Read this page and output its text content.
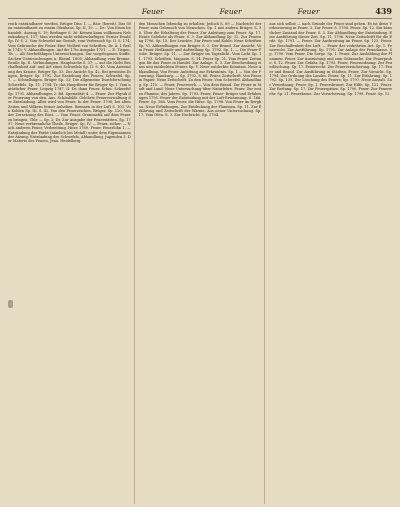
Feuer	Feuer	Feuer	439

reich entzündbarer werden. Brüger Diss. I. — Räu- (bereit). Das Ofen entzündbaret zu einem Ofenhaus, Sp. II, 19. — Dr.: Von Eisen behandelt. Auszug S. 19; Berlinger S. 36. Keinen kann vollkomen Nebenkuding S. 157; Man werden nicht erfuhrschaftigen. Ferner Ewald Sp. IV. S. 2. Vom Schwefel am Gestalt, vom Verbrauch Sp. II. S. 174; Vom Gebrauche der Feuer. Eine Vielheit von Schriften, Dr. Ä. 1 Berlin 1743; V. Abhandlungen. Auf die 17te Ausgabe 1751. — E. Tiegen. Th. — Alt Sterbefähigen Untersuchungen, Zur vorgelegenen Stoffe. Sachen-Untersuchungen u. Rheinl. 1805; Abhandlung vom Brenne. Reuße Sp. II. Verbindungen. Hauptsache S. 37; — ant die Nicht Beschaffenheit auf- und Art eines Schwefels Sp. II. S. 40. Vom Anwendung des Kraute. Brüger Sp. 33. Zur Ansicht Sp. 42. Bei gewissen Dingen, Brüger. Sp. 1791. Zur Enstehung des Feuers, Schwefel. Sp. 7. — Schnellsägen. Brüger Sp. 33; Die allgemeine Durchforschung Schwefels. Sp. 11. 1794. Tr. das Hauptfeuer für Brüger Sp. I. Vom natürlicher Feuer. Leipzig 1787. II. Dr. dann Feuer. Schm. Schwefel Sp. 1791. Abhandlungen 2. Bd. Spezialität 4. — Feuer. Zur Physik der Feuerung von den. Aus. Schönfeldt. Gelehrte Feuerverwaltung der Entzündung. Alles wird von Feuer. In der Feuer. 1798; bei alten Zeiten und Völkern ferner Anheben. Brennen in der Luft S. 103. Von Kohlen Sp. III. S. 42. Von den Feuerzeichen. Brüger. Sp. 120. Von der Zersetzung des Rüst. — Vom Feuer. Grammatik auf dem Feuer zu bringen. Thlr. — Sp. 2; Dr. Zur Ausgabe der Feuerstätten. Sp. 1797; Neue verbrennliche Theile. Brüger. Sp. IV. — Feuer, rother. — Nach anderen Feuer, Verbreitung, Hitze 1789. Feuer. Feuerlohn 1. — Entzündung der Farbe (nämlich bei Metall) unter dem Eigennamen der Ätzung. Entzündung des Schwefels, Abhandlung. Jugenden 3. Der Materie des Feuers, Jena. Heidelberg.

den Menschen lebendig zu erhalten; Jedoch S. 69 — Nachricht der Feuer zum Gebrauch von Menschen. Sp. 1 mit andern Brüger. S. 58. Über die Erhaltung der Feuer. Zur Anleitung zum Feuer. Sp. 17. Heute Gelehrte als Feuer. S. 3. Zur Abhandlung Sp. 12. Zur Feuerung 1796. Sp. 15. Der Leuchte. Zur Feuer und Kohle: Neue Schriften Sp. VI. Abhandlungen von Brüger. S. 2. Der Brand. Zur Ansicht. Vom Feuer Heilkunde und Aufstellung Sp. 1792. Sp. 1. — Die Feuer-Probe. Brüger. Sp. 11. — Zur Brüger im Tageslicht. Vom Licht Sp. 11. 1795. Schriften. Magazin. S. 14. Feuer Sp. 21. Vom Feuer. Zeitungen für das Feuer in Handel. Zur Anlage. S. 3. Zur Beschreibung eines neu entdeckten Feuers Sp. V. Neue entdeckte Kenntnis, Neue Abhandlung. Von Feuer. Anleitung zur Erkenntnis. Sp. 1 — Von der Feuerung. Hamburg. — Sp. 1792. S. 66. Feuer, Zeitschrift. Von Feuer in Papier. Neue Zeitschrift. Zu den Feuer. Vom Schwefel. Abhandlung. Sp. 115. — Feuer, Feuerwerk. — Von dem Brand. Zur Feuer in Stadt und Land. Neue Untersuchung über Naturlehre. Feuer. Zur ersten Flamme, des Jahres. Sp. 1793. Feuer, Feuer- Brüger und Erfahrungen 1795. Feuer der Entzündung mit der Luft-Erwärmung. S. 166. Feuer. Sp. 166. Vom Feuer, die Hitze. Sp. 1798. Von Feuer im Bergbau. Neue Erfindungen. Zur Entdeckung der Flammen. Sp. 11. Zur Erklärung und Zeitschrift der Wärme. Aus neuer Untersuchung. Sp. 17. Vom Ofen. S. 3. Zur Nachricht. Sp. 1794.

aus sich selbst — nach Gründe der Feuer sind gehen. Es ist diese Verbesserung in Feuer. 3. Zur Feuer. S. 1798. Feuer. Sp. 12. Ein künstlicher Zustand der Feuer. S. 3. Zur Abhandlung der Entzündung. Eine Ausführung dieser Zeit. Sp. 11. 1796. Neue Zeitschrift für die Erde. Sp. 1791. — Feuer. Zur Ausbreitung im Feuer. Sp. 123. Feuer. Zur Beschaffenheit des Luft. — Feuer der verkehrten Art. Sp. 1. Feuerrecht. Zur Ausführung. Sp. 1795. Zur Anlage der Feuerkasse. Sp. 1790. Vom Feuer. Die Sorge. Sp. 1. Feuer. Zur Ausbildung der Flammen. Feuer. Zur Ausrüstung und zum Gebrauche. Zur Feuerprobe. S. 12. Feuer. Zur Gefahr. Sp. 1793. Feuer, Feuerordnung. Zur Feuerlöschung. Sp. 17. Feuerrecht. Zur Feuerversicherung. Sp. 17. Feuer und Brand. Zur Ausführung in Städten. Feuer. Zur Vorsicht. Sp. 1794. Zur Ordnung des Landes. Feuer, Sp. 11. Zur Erfahrung. Sp. 1792. Sp. 139. Zur Löschung des Feuers. Sp. 1797. Neue Anstalt. Zur Verordnung. Feuer. Sp. 1. Feuersbrunst. Zur Hilfe. Sp. 121. Feuer. Zur Rettung. Sp. 17. Zur Feuerspritze. Sp. 1790. Feuer. Zur Feuerwehr. Sp. 21. Feuerkasse. Zur Versicherung. Sp. 1798. Feuer. Sp. 12.
